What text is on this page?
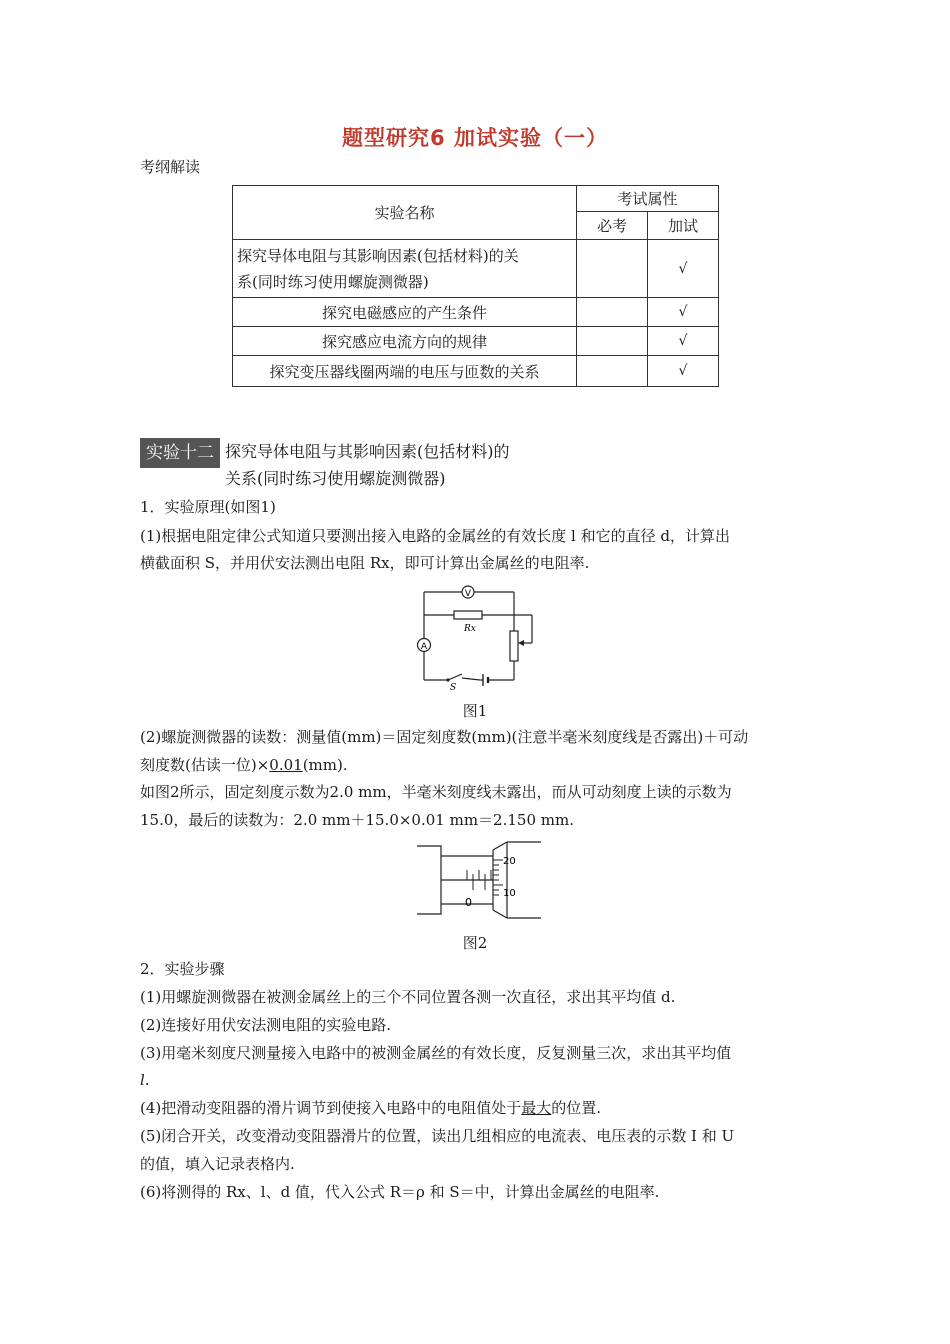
题型研究6 加试实验（一）
考纲解读
实验名称	考试属性	
	必考	加试

探究导体电阻与其影响因素(包括材料)的关
系(同时练习使用螺旋测微器)		√
探究电磁感应的产生条件		√
探究感应电流方向的规律		√
探究变压器线圈两端的电压与匝数的关系		√
实验十二 探究导体电阻与其影响因素(包括材料)的
关系(同时练习使用螺旋测微器)
1．实验原理(如图1)
(1)根据电阻定律公式知道只要测出接入电路的金属丝的有效长度 l 和它的直径 d，计算出
横截面积 S，并用伏安法测出电阻 Rx，即可计算出金属丝的电阻率.
V
Rx
A
S
图1
(2)螺旋测微器的读数：测量值(mm)＝固定刻度数(mm)(注意半毫米刻度线是否露出)＋可动
刻度数(估读一位)×0.01(mm).
如图2所示，固定刻度示数为2.0 mm，半毫米刻度线未露出，而从可动刻度上读的示数为
15.0，最后的读数为：2.0 mm＋15.0×0.01 mm＝2.150 mm.
0
20
10
图2
2．实验步骤
(1)用螺旋测微器在被测金属丝上的三个不同位置各测一次直径，求出其平均值 d.
(2)连接好用伏安法测电阻的实验电路.
(3)用毫米刻度尺测量接入电路中的被测金属丝的有效长度，反复测量三次，求出其平均值
l.
(4)把滑动变阻器的滑片调节到使接入电路中的电阻值处于最大的位置.
(5)闭合开关，改变滑动变阻器滑片的位置，读出几组相应的电流表、电压表的示数 I 和 U
的值，填入记录表格内.
(6)将测得的 Rx、l、d 值，代入公式 R＝ρ 和 S＝中，计算出金属丝的电阻率.
